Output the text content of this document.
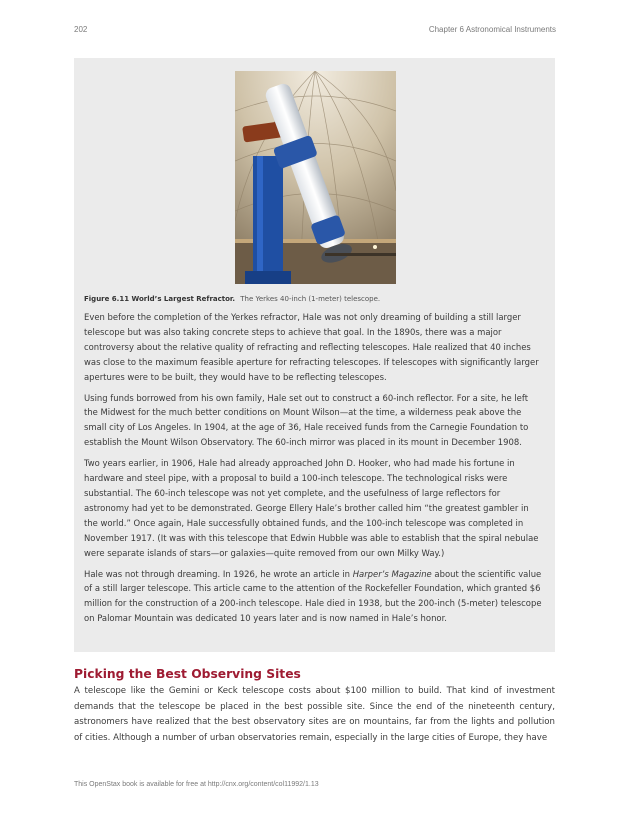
202	Chapter 6 Astronomical Instruments
Figure 6.11 World’s Largest Refractor. The Yerkes 40-inch (1-meter) telescope.

Even before the completion of the Yerkes refractor, Hale was not only dreaming of building a still larger telescope but was also taking concrete steps to achieve that goal. In the 1890s, there was a major controversy about the relative quality of refracting and reflecting telescopes. Hale realized that 40 inches was close to the maximum feasible aperture for refracting telescopes. If telescopes with significantly larger apertures were to be built, they would have to be reflecting telescopes.

Using funds borrowed from his own family, Hale set out to construct a 60-inch reflector. For a site, he left the Midwest for the much better conditions on Mount Wilson—at the time, a wilderness peak above the small city of Los Angeles. In 1904, at the age of 36, Hale received funds from the Carnegie Foundation to establish the Mount Wilson Observatory. The 60-inch mirror was placed in its mount in December 1908.

Two years earlier, in 1906, Hale had already approached John D. Hooker, who had made his fortune in hardware and steel pipe, with a proposal to build a 100-inch telescope. The technological risks were substantial. The 60-inch telescope was not yet complete, and the usefulness of large reflectors for astronomy had yet to be demonstrated. George Ellery Hale’s brother called him “the greatest gambler in the world.” Once again, Hale successfully obtained funds, and the 100-inch telescope was completed in November 1917. (It was with this telescope that Edwin Hubble was able to establish that the spiral nebulae were separate islands of stars—or galaxies—quite removed from our own Milky Way.)

Hale was not through dreaming. In 1926, he wrote an article in Harper’s Magazine about the scientific value of a still larger telescope. This article came to the attention of the Rockefeller Foundation, which granted $6 million for the construction of a 200-inch telescope. Hale died in 1938, but the 200-inch (5-meter) telescope on Palomar Mountain was dedicated 10 years later and is now named in Hale’s honor.

Picking the Best Observing Sites

A telescope like the Gemini or Keck telescope costs about $100 million to build. That kind of investment demands that the telescope be placed in the best possible site. Since the end of the nineteenth century, astronomers have realized that the best observatory sites are on mountains, far from the lights and pollution of cities. Although a number of urban observatories remain, especially in the large cities of Europe, they have

This OpenStax book is available for free at http://cnx.org/content/col11992/1.13
